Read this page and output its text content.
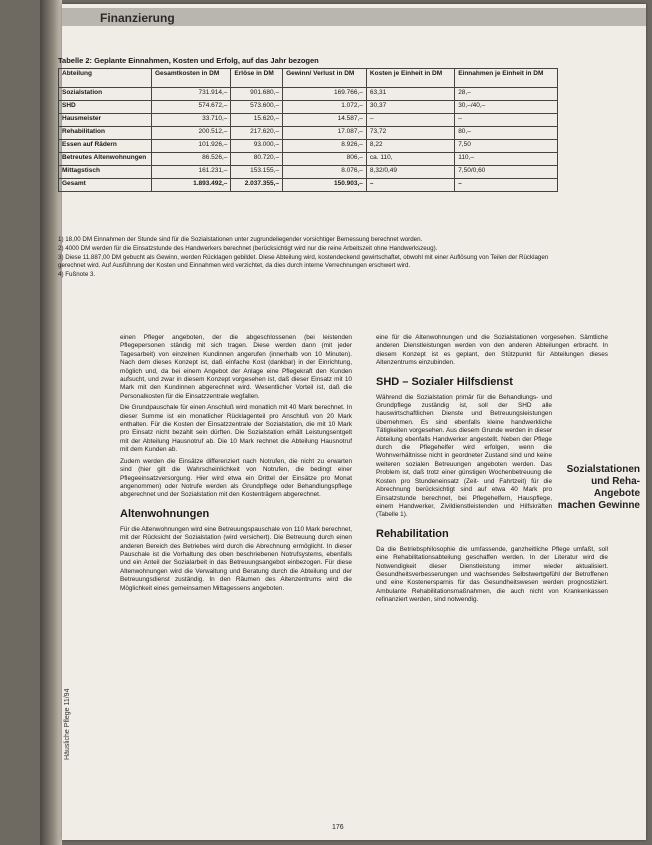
Finanzierung
Tabelle 2: Geplante Einnahmen, Kosten und Erfolg, auf das Jahr bezogen
Abteilung	Gesamtkosten in DM	Erlöse in DM	Gewinn/ Verlust in DM	Kosten je Einheit in DM	Einnahmen je Einheit in DM
Sozialstation	731.914,–	901.680,–	169.766,–	63,31	28,–
SHD	574.672,–	573.600,–	1.072,–	30,37	30,–/40,–
Hausmeister	33.710,–	15.620,–	14.587,–	–	–
Rehabilitation	200.512,–	217.620,–	17.087,–	73,72	80,–
Essen auf Rädern	101.926,–	93.000,–	8.926,–	8,22	7,50
Betreutes Altenwohnungen	86.526,–	80.720,–	806,–	ca. 110,	110,–
Mittagstisch	161.231,–	153.155,–	8.076,–	8,32/0,49	7,50/0,60
Gesamt	1.893.492,–	2.037.355,–	150.903,–	–	–

1) 18,00 DM Einnahmen der Stunde sind für die Sozialstationen unter zugrundeliegender vorsichtiger Bemessung berechnet worden.

2) 4000 DM werden für die Einsatzstunde des Handwerkers berechnet (berücksichtigt wird nur die reine Arbeitszeit ohne Handwerkszeug).

3) Diese 11.887,00 DM gebucht als Gewinn, werden Rücklagen gebildet. Diese Abteilung wird, kostendeckend gewirtschaftet, obwohl mit einer Auflösung von Teilen der Rücklagen gerechnet wird. Auf Ausführung der Kosten und Einnahmen wird verzichtet, da dies durch interne Verrechnungen erschwert wird.

4) Fußnote 3.

einen Pfleger angeboten, der die abgeschlossenen (bei leistenden Pflegepersonen ständig mit sich tragen. Diese werden dann (mit jeder Tagesarbeit) von einzelnen Kundinnen angerufen (innerhalb von 10 Minuten). Nach dem dieses Konzept ist, daß einfache Kost (dankbar) in der Einrichtung, möglich und, da bei einem Angebot der Anlage eine Pflegekraft den Kunden aufsucht, und zwar in diesem Konzept vorgesehen ist, daß dieser Einsatz mit 10 Mark mit den Kundinnen abgerechnet wird. Wesentlicher Vorteil ist, daß die Personalkosten für die Einsatzzentrale wegfallen.

Die Grundpauschale für einen Anschluß wird monatlich mit 40 Mark berechnet. In dieser Summe ist ein monatlicher Rücklagenteil pro Anschluß von 20 Mark enthalten. Für die Kosten der Einsatzzentrale der Sozialstation, die mit 10 Mark pro Einsatz nicht bezahlt sein dürften. Die Sozialstation erhält Leistungsentgelt mit der Abteilung Hausnotruf ab. Die 10 Mark rechnet die Abteilung Hausnotruf mit dem Kunden ab.

Zudem werden die Einsätze differenziert nach Notrufen, die nicht zu erwarten sind (hier gilt die Wahrscheinlichkeit von Notrufen, die bedingt einer Pflegeeinsatzversorgung. Hier wird etwa ein Drittel der Einsätze pro Monat angenommen) oder Notrufe werden als Grundpflege oder Behandlungspflege abgerechnet und der Sozialstation mit den Kostenträgern abgerechnet.

Altenwohnungen

Für die Altenwohnungen wird eine Betreuungspauschale von 110 Mark berechnet, mit der Rücksicht der Sozialstation (wird versichert). Die Betreuung durch einen anderen Bereich des Betriebes wird durch die Abrechnung ermöglicht. In dieser Pauschale ist die Vorhaltung des oben beschriebenen Notrufsystems, ebenfalls und ein Anteil der Sozialarbeit in das Betreuungsangebot einbezogen. Für diese Altenwohnungen wird die Verwaltung und Beratung durch die Abteilung und der Betreuungsdienst zuständig. In den Räumen des Altenzentrums wird die Möglichkeit eines gemeinsamen Mittagessens angeboten.

eine für die Altenwohnungen und die Sozialstationen vorgesehen. Sämtliche anderen Dienstleistungen werden von den anderen Abteilungen erbracht. In diesem Konzept ist es geplant, den Stützpunkt für Abteilungen dieses Altenzentrums einzubinden.

SHD – Sozialer Hilfsdienst

Während die Sozialstation primär für die Behandlungs- und Grundpflege zuständig ist, soll der SHD alle hauswirtschaftlichen Dienste und Betreuungsleistungen übernehmen. Es sind ebenfalls kleine handwerkliche Tätigkeiten vorgesehen. Aus diesem Grunde werden in dieser Abteilung ebenfalls Handwerker angestellt. Neben der Pflege durch die Pflegehelfer wird erfolgen, wenn die Wohnverhältnisse nicht in geordneter Zustand sind und keine weiteren sozialen Betreuungen angeboten werden. Das Problem ist, daß trotz einer günstigen Wochenbetreuung die Kosten pro Stundeneinsatz (Zeit- und Fahrtzeit) für die Abrechnung berücksichtigt sind auf etwa 40 Mark pro Einsatzstunde berechnet, bei Pflegehelfern, Hauspflege, einem Handwerker, Zivildienstleistenden und Hilfskräften (Tabelle 1).

Rehabilitation

Da die Betriebsphilosophie die umfassende, ganzheitliche Pflege umfaßt, soll eine Rehabilitationsabteilung geschaffen werden. In der Literatur wird die Notwendigkeit dieser Dienstleistung immer wieder aktualisiert. Gesundheitsverbesserungen und wachsendes Selbstwertgefühl der Betroffenen und eine Kostenersparnis für das Gesundheitswesen werden prognostiziert. Ambulante Rehabilitationsmaßnahmen, die auch nicht von Krankenkassen refinanziert werden, sind notwendig.

Sozialstationen und Reha-Angebote machen Gewinne
176
Häusliche Pflege 11/94
